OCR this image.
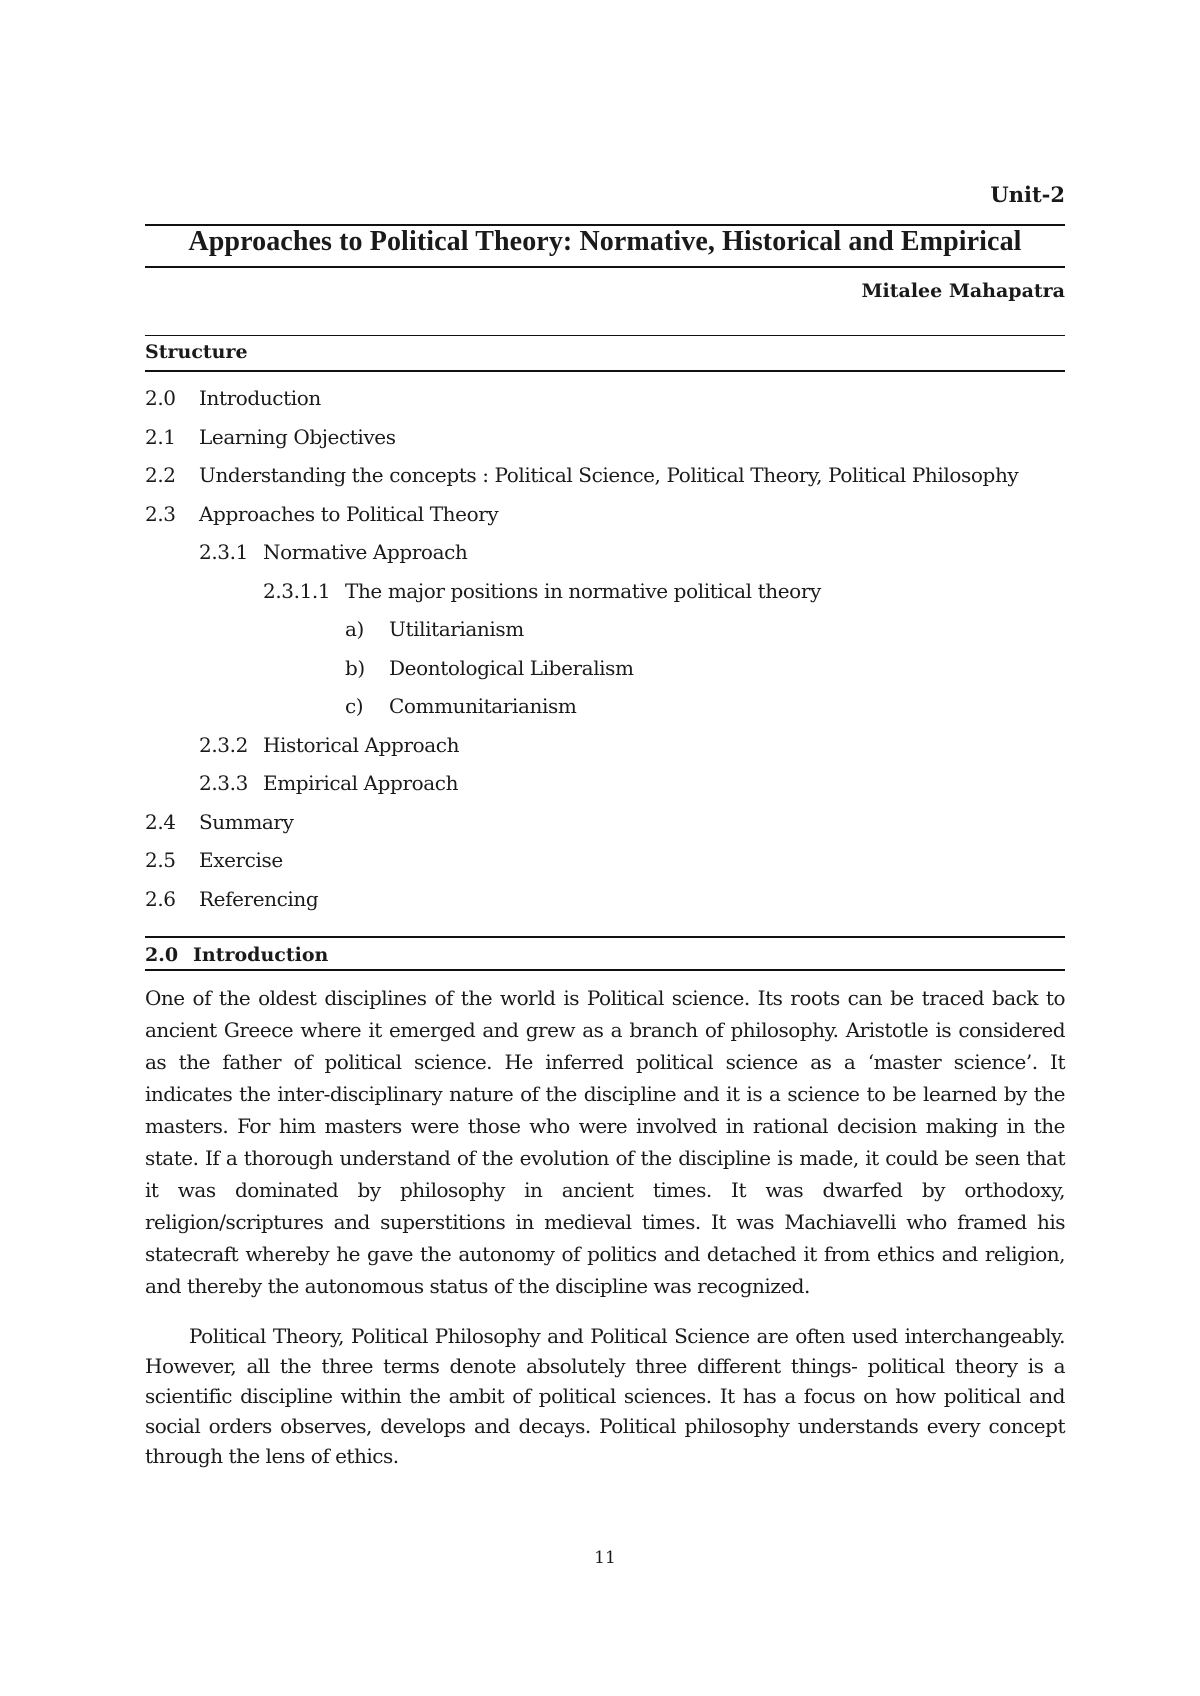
Unit-2
Approaches to Political Theory: Normative, Historical and Empirical
Mitalee Mahapatra
Structure
2.0 Introduction
2.1 Learning Objectives
2.2 Understanding the concepts : Political Science, Political Theory, Political Philosophy
2.3 Approaches to Political Theory
2.3.1 Normative Approach
2.3.1.1 The major positions in normative political theory
a) Utilitarianism
b) Deontological Liberalism
c) Communitarianism
2.3.2 Historical Approach
2.3.3 Empirical Approach
2.4 Summary
2.5 Exercise
2.6 Referencing
2.0 Introduction

One of the oldest disciplines of the world is Political science. Its roots can be traced back to ancient Greece where it emerged and grew as a branch of philosophy. Aristotle is considered as the father of political science. He inferred political science as a ‘master science’. It indicates the inter-disciplinary nature of the discipline and it is a science to be learned by the masters. For him masters were those who were involved in rational decision making in the state. If a thorough understand of the evolution of the discipline is made, it could be seen that it was dominated by philosophy in ancient times. It was dwarfed by orthodoxy, religion/scriptures and superstitions in medieval times. It was Machiavelli who framed his statecraft whereby he gave the autonomy of politics and detached it from ethics and religion, and thereby the autonomous status of the discipline was recognized.

Political Theory, Political Philosophy and Political Science are often used interchangeably. However, all the three terms denote absolutely three different things- political theory is a scientific discipline within the ambit of political sciences. It has a focus on how political and social orders observes, develops and decays. Political philosophy understands every concept through the lens of ethics.

11
